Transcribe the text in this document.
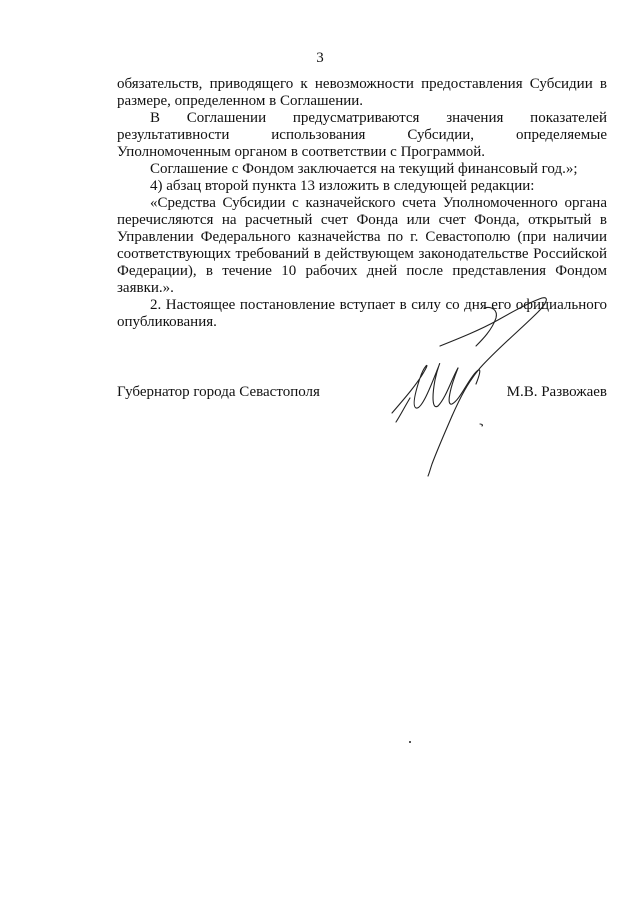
3

обязательств, приводящего к невозможности предоставления Субсидии в размере, определенном в Соглашении.

В Соглашении предусматриваются значения показателей результативности использования Субсидии, определяемые Уполномоченным органом в соответствии с Программой.

Соглашение с Фондом заключается на текущий финансовый год.»;

4) абзац второй пункта 13 изложить в следующей редакции:

«Средства Субсидии с казначейского счета Уполномоченного органа перечисляются на расчетный счет Фонда или счет Фонда, открытый в Управлении Федерального казначейства по г. Севастополю (при наличии соответствующих требований в действующем законодательстве Российской Федерации), в течение 10 рабочих дней после представления Фондом заявки.».

2. Настоящее постановление вступает в силу со дня его официального опубликования.

Губернатор города Севастополя	М.В. Развожаев
